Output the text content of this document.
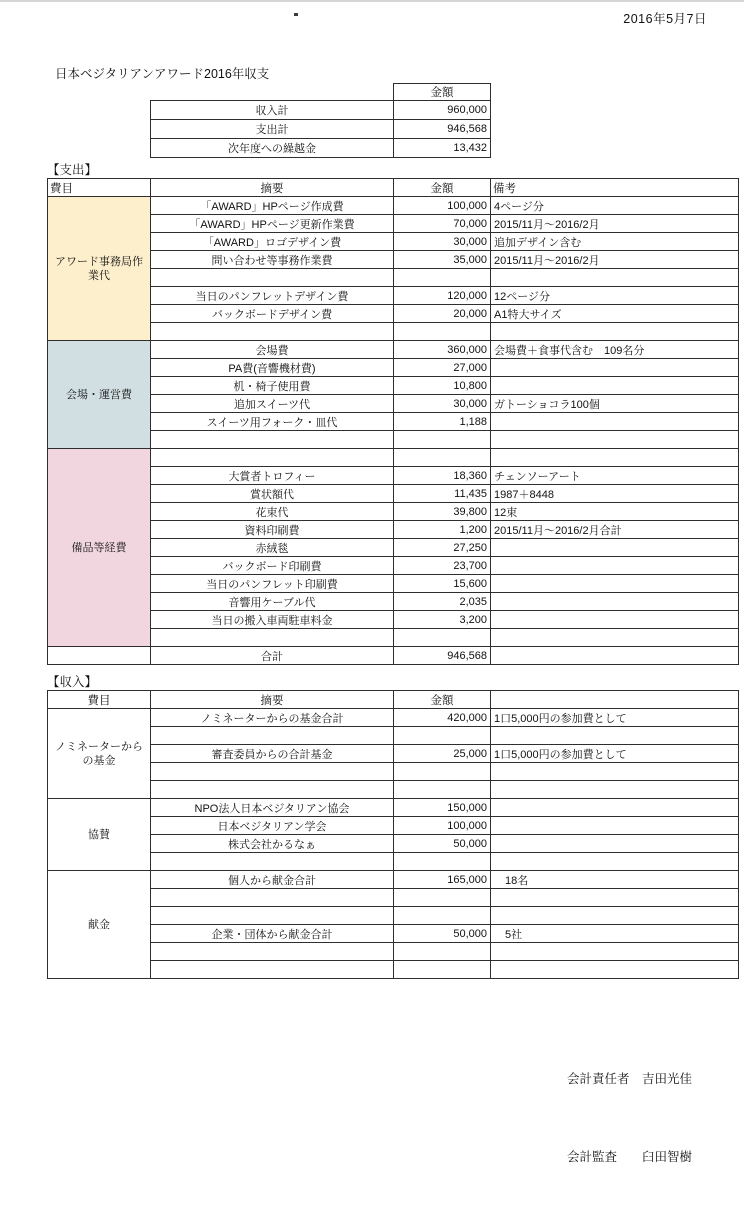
2016年5月7日
日本ベジタリアンアワード2016年収支
	金額
収入計	960,000
支出計	946,568
次年度への繰越金	13,432
【支出】
費目	摘要	金額	備考
アワード事務局作業代	「AWARD」HPページ作成費	100,000	4ページ分
	「AWARD」HPページ更新作業費	70,000	2015/11月～2016/2月
	「AWARD」ロゴデザイン費	30,000	追加デザイン含む
	問い合わせ等事務作業費	35,000	2015/11月～2016/2月

	当日のパンフレットデザイン費	120,000	12ページ分
	バックボードデザイン費	20,000	A1特大サイズ

会場・運営費	会場費	360,000	会場費＋食事代含む　109名分
	PA費(音響機材費)	27,000	
	机・椅子使用費	10,800	
	追加スイーツ代	30,000	ガトーショコラ100個
	スイーツ用フォーク・皿代	1,188	

備品等経費			
	大賞者トロフィー	18,360	チェンソーアート
	賞状額代	11,435	1987＋8448
	花束代	39,800	12束
	資料印刷費	1,200	2015/11月～2016/2月合計
	赤絨毯	27,250	
	バックボード印刷費	23,700	
	当日のパンフレット印刷費	15,600	
	音響用ケーブル代	2,035	
	当日の搬入車両駐車料金	3,200	

	合計	946,568	
【収入】
費目	摘要	金額	
ノミネーターからの基金	ノミネーターからの基金合計	420,000	1口5,000円の参加費として

	審査委員からの合計基金	25,000	1口5,000円の参加費として

協賛	NPO法人日本ベジタリアン協会	150,000	
	日本ベジタリアン学会	100,000	
	株式会社かるなぁ	50,000	

献金	個人から献金合計	165,000	　18名

	企業・団体から献金合計	50,000	　5社

会計責任者　吉田光佳

会計監査　　臼田智樹
